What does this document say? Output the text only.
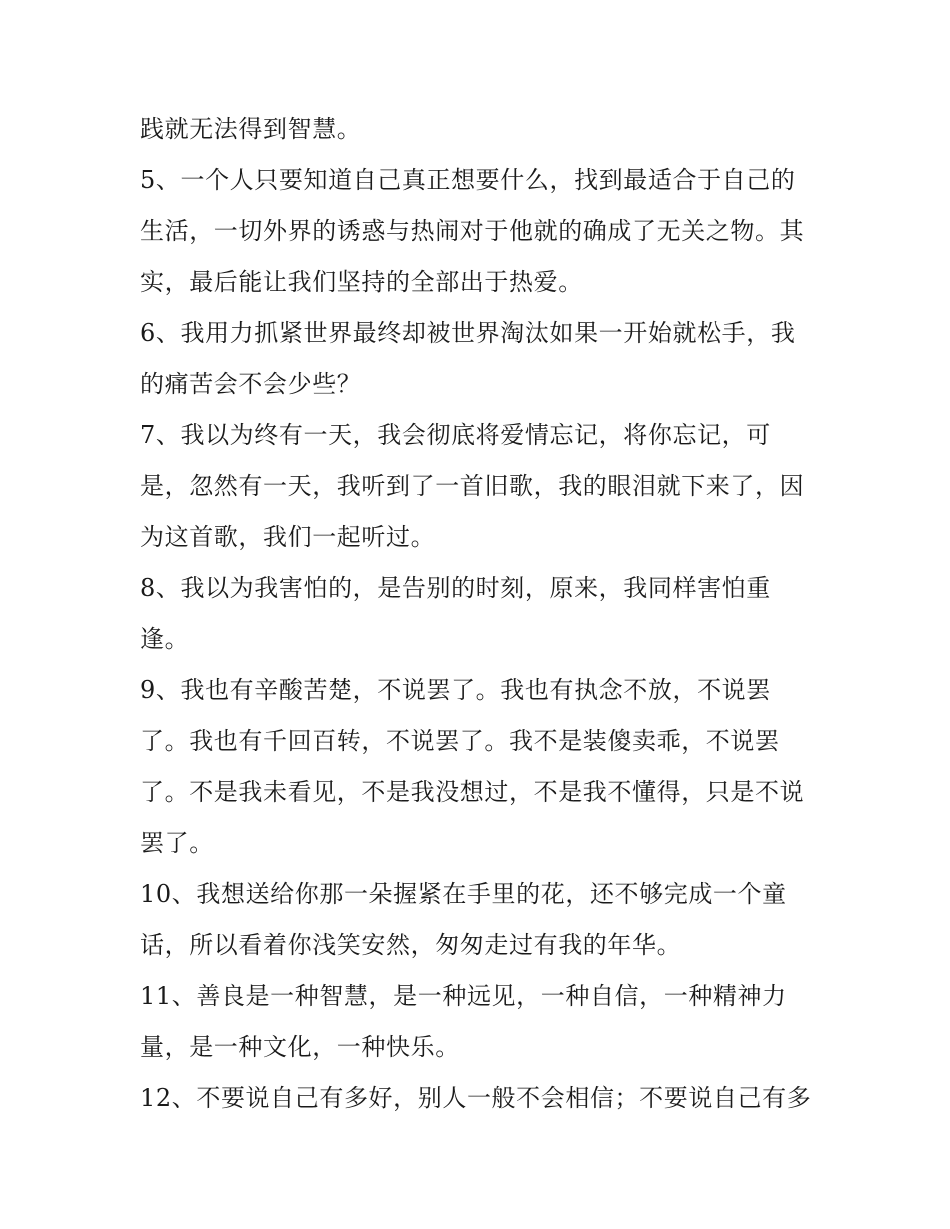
践就无法得到智慧。
5、一个人只要知道自己真正想要什么，找到最适合于自己的
生活，一切外界的诱惑与热闹对于他就的确成了无关之物。其
实，最后能让我们坚持的全部出于热爱。
6、我用力抓紧世界最终却被世界淘汰如果一开始就松手，我
的痛苦会不会少些？
7、我以为终有一天，我会彻底将爱情忘记，将你忘记，可
是，忽然有一天，我听到了一首旧歌，我的眼泪就下来了，因
为这首歌，我们一起听过。
8、我以为我害怕的，是告别的时刻，原来，我同样害怕重
逢。
9、我也有辛酸苦楚，不说罢了。我也有执念不放，不说罢
了。我也有千回百转，不说罢了。我不是装傻卖乖，不说罢
了。不是我未看见，不是我没想过，不是我不懂得，只是不说
罢了。
10、我想送给你那一朵握紧在手里的花，还不够完成一个童
话，所以看着你浅笑安然，匆匆走过有我的年华。
11、善良是一种智慧，是一种远见，一种自信，一种精神力
量，是一种文化，一种快乐。
12、不要说自己有多好，别人一般不会相信；不要说自己有多
